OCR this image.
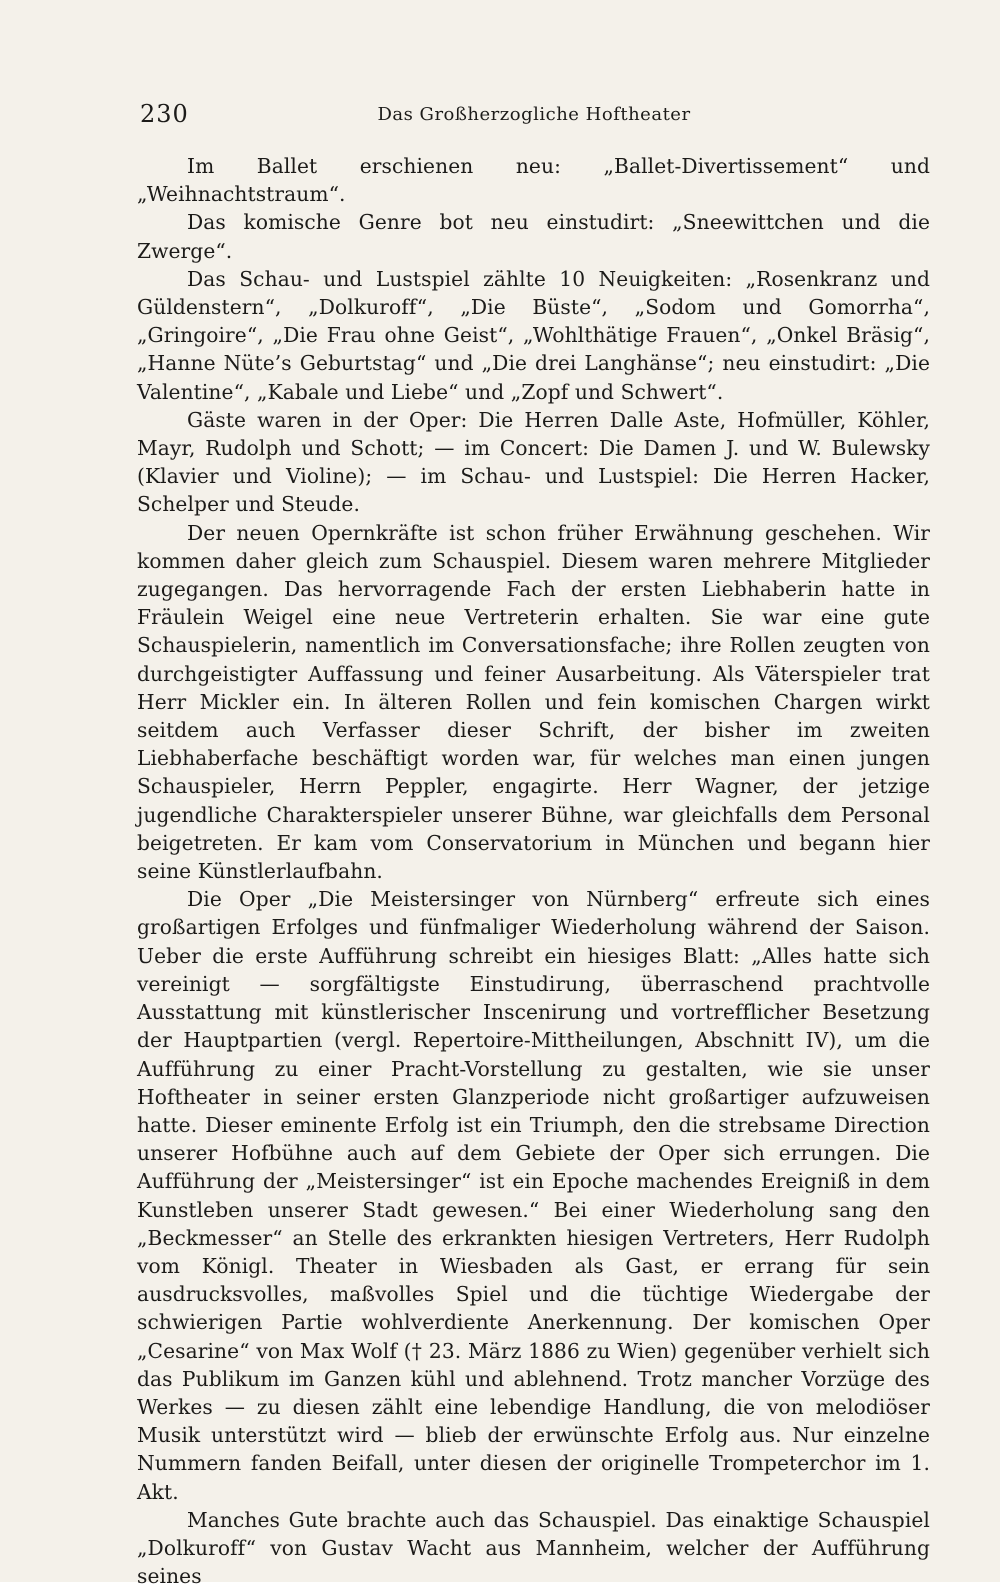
230	Das Großherzogliche Hoftheater

Im Ballet erschienen neu: „Ballet-Divertissement“ und „Weihnachtstraum“.

Das komische Genre bot neu einstudirt: „Sneewittchen und die Zwerge“.

Das Schau- und Lustspiel zählte 10 Neuigkeiten: „Rosenkranz und Güldenstern“, „Dolkuroff“, „Die Büste“, „Sodom und Gomorrha“, „Gringoire“, „Die Frau ohne Geist“, „Wohlthätige Frauen“, „Onkel Bräsig“, „Hanne Nüte’s Geburtstag“ und „Die drei Langhänse“; neu einstudirt: „Die Valentine“, „Kabale und Liebe“ und „Zopf und Schwert“.

Gäste waren in der Oper: Die Herren Dalle Aste, Hofmüller, Köhler, Mayr, Rudolph und Schott; — im Concert: Die Damen J. und W. Bulewsky (Klavier und Violine); — im Schau- und Lustspiel: Die Herren Hacker, Schelper und Steude.

Der neuen Opernkräfte ist schon früher Erwähnung geschehen. Wir kommen daher gleich zum Schauspiel. Diesem waren mehrere Mitglieder zugegangen. Das hervorragende Fach der ersten Liebhaberin hatte in Fräulein Weigel eine neue Vertreterin erhalten. Sie war eine gute Schauspielerin, namentlich im Conversationsfache; ihre Rollen zeugten von durchgeistigter Auffassung und feiner Ausarbeitung. Als Väterspieler trat Herr Mickler ein. In älteren Rollen und fein komischen Chargen wirkt seitdem auch Verfasser dieser Schrift, der bisher im zweiten Liebhaberfache beschäftigt worden war, für welches man einen jungen Schauspieler, Herrn Peppler, engagirte. Herr Wagner, der jetzige jugendliche Charakterspieler unserer Bühne, war gleichfalls dem Personal beigetreten. Er kam vom Conservatorium in München und begann hier seine Künstlerlaufbahn.

Die Oper „Die Meistersinger von Nürnberg“ erfreute sich eines großartigen Erfolges und fünfmaliger Wiederholung während der Saison. Ueber die erste Aufführung schreibt ein hiesiges Blatt: „Alles hatte sich vereinigt — sorgfältigste Einstudirung, überraschend prachtvolle Ausstattung mit künstlerischer Inscenirung und vortrefflicher Besetzung der Hauptpartien (vergl. Repertoire-Mittheilungen, Abschnitt IV), um die Aufführung zu einer Pracht-Vorstellung zu gestalten, wie sie unser Hoftheater in seiner ersten Glanzperiode nicht großartiger aufzuweisen hatte. Dieser eminente Erfolg ist ein Triumph, den die strebsame Direction unserer Hofbühne auch auf dem Gebiete der Oper sich errungen. Die Aufführung der „Meistersinger“ ist ein Epoche machendes Ereigniß in dem Kunstleben unserer Stadt gewesen.“ Bei einer Wiederholung sang den „Beckmesser“ an Stelle des erkrankten hiesigen Vertreters, Herr Rudolph vom Königl. Theater in Wiesbaden als Gast, er errang für sein ausdrucksvolles, maßvolles Spiel und die tüchtige Wiedergabe der schwierigen Partie wohlverdiente Anerkennung. Der komischen Oper „Cesarine“ von Max Wolf († 23. März 1886 zu Wien) gegenüber verhielt sich das Publikum im Ganzen kühl und ablehnend. Trotz mancher Vorzüge des Werkes — zu diesen zählt eine lebendige Handlung, die von melodiöser Musik unterstützt wird — blieb der erwünschte Erfolg aus. Nur einzelne Nummern fanden Beifall, unter diesen der originelle Trompeterchor im 1. Akt.

Manches Gute brachte auch das Schauspiel. Das einaktige Schauspiel „Dolkuroff“ von Gustav Wacht aus Mannheim, welcher der Aufführung seines
